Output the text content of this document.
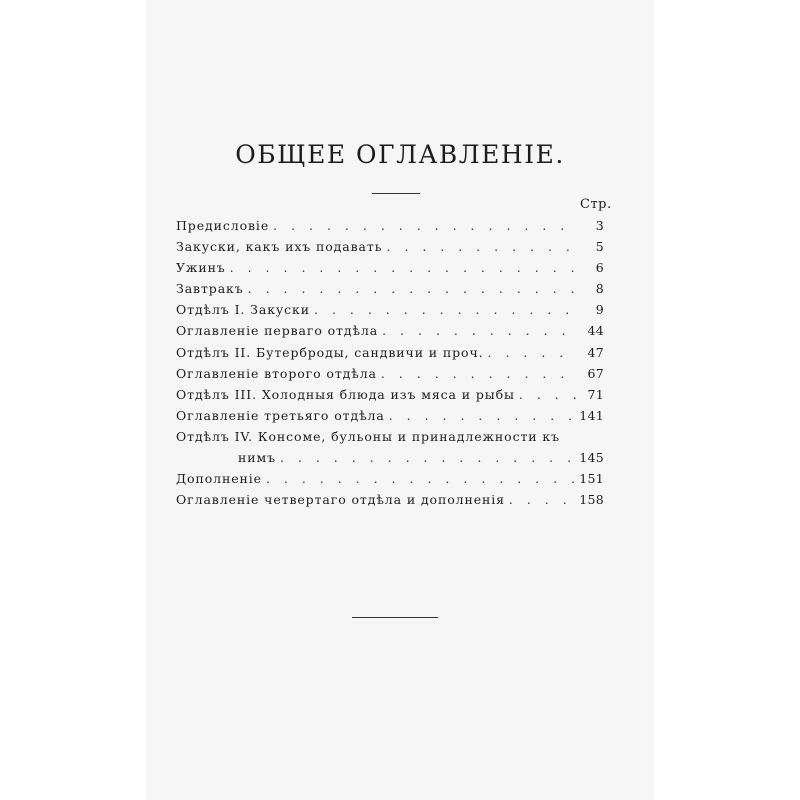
ОБЩЕЕ ОГЛАВЛЕНІЕ.
Стр.
Предисловіе . . .	3
Закуски, какъ ихъ подавать . . .	5
Ужинъ . . .	6
Завтракъ . . .	8
Отдѣлъ I. Закуски . . .	9
Оглавленіе перваго отдѣла . . .	44
Отдѣлъ II. Бутерброды, сандвичи и проч. . . .	47
Оглавленіе второго отдѣла . . .	67
Отдѣлъ III. Холодныя блюда изъ мяса и рыбы . . .	71
Оглавленіе третьяго отдѣла . . .	141
Отдѣлъ IV. Консоме, бульоны и принадлежности къ
нимъ . . .	145
Дополненіе . . .	151
Оглавленіе четвертаго отдѣла и дополненія . . .	158
